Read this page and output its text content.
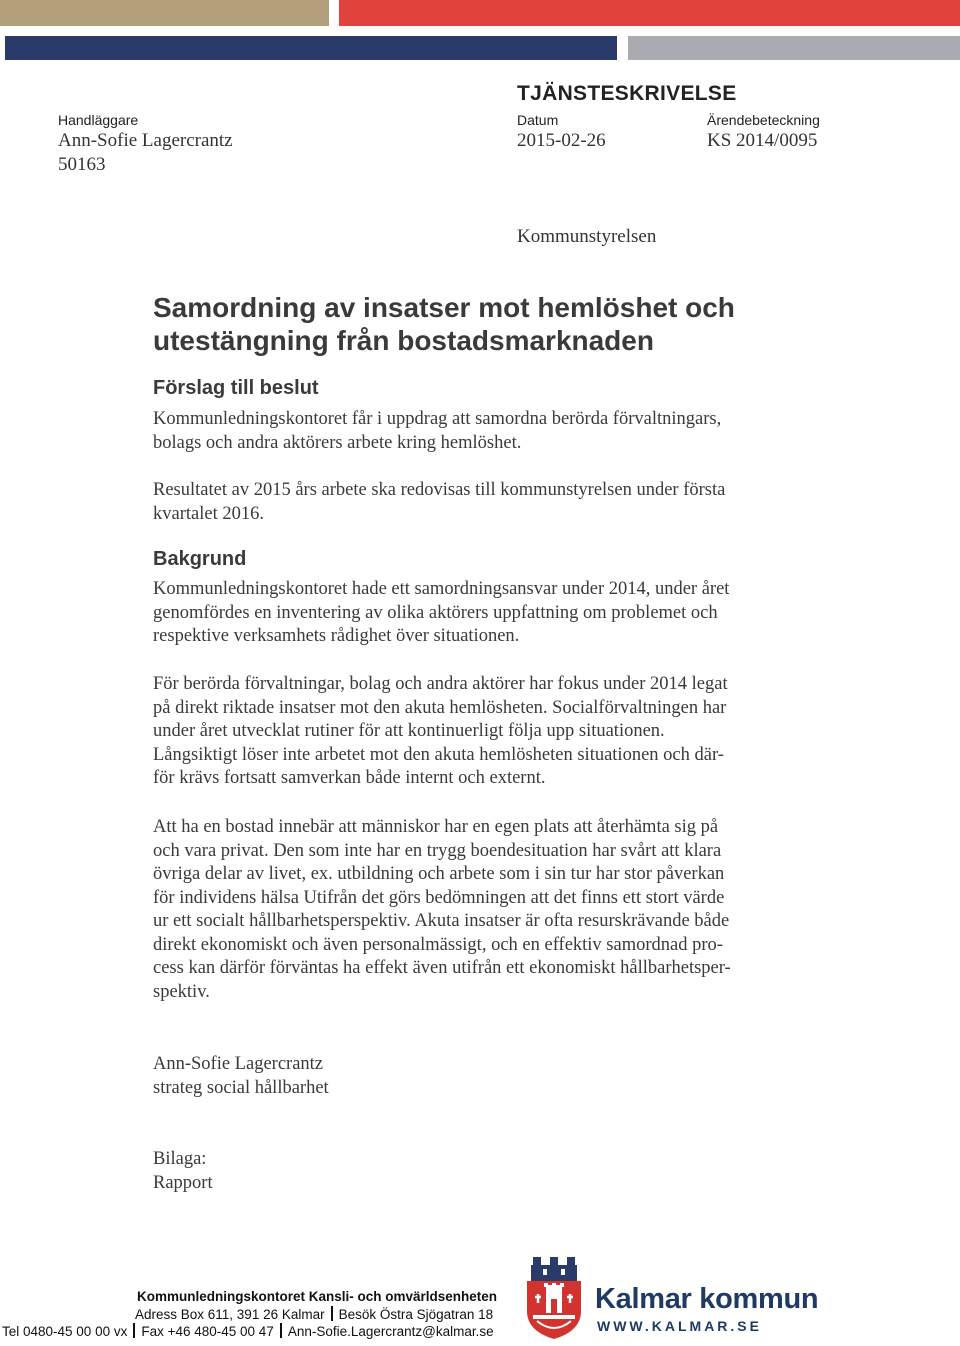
TJÄNSTESKRIVELSE
Handläggare
Ann-Sofie Lagercrantz
50163
Datum
2015-02-26
Ärendebeteckning
KS 2014/0095
Kommunstyrelsen
Samordning av insatser mot hemlöshet och
utestängning från bostadsmarknaden
Förslag till beslut

Kommunledningskontoret får i uppdrag att samordna berörda förvaltningars,

bolags och andra aktörers arbete kring hemlöshet.

Resultatet av 2015 års arbete ska redovisas till kommunstyrelsen under första

kvartalet 2016.

Bakgrund

Kommunledningskontoret hade ett samordningsansvar under 2014, under året

genomfördes en inventering av olika aktörers uppfattning om problemet och

respektive verksamhets rådighet över situationen.

För berörda förvaltningar, bolag och andra aktörer har fokus under 2014 legat

på direkt riktade insatser mot den akuta hemlösheten. Socialförvaltningen har

under året utvecklat rutiner för att kontinuerligt följa upp situationen.

Långsiktigt löser inte arbetet mot den akuta hemlösheten situationen och där-

för krävs fortsatt samverkan både internt och externt.

Att ha en bostad innebär att människor har en egen plats att återhämta sig på

och vara privat. Den som inte har en trygg boendesituation har svårt att klara

övriga delar av livet, ex. utbildning och arbete som i sin tur har stor påverkan

för individens hälsa Utifrån det görs bedömningen att det finns ett stort värde

ur ett socialt hållbarhetsperspektiv. Akuta insatser är ofta resurskrävande både

direkt ekonomiskt och även personalmässigt, och en effektiv samordnad pro-

cess kan därför förväntas ha effekt även utifrån ett ekonomiskt hållbarhetsper-

spektiv.

Ann-Sofie Lagercrantz

strateg social hållbarhet

Bilaga:

Rapport

Kommunledningskontoret Kansli- och omvärldsenheten
Adress Box 611, 391 26 Kalmar Besök Östra Sjögatran 18
Tel 0480-45 00 00 vx Fax +46 480-45 00 47 Ann-Sofie.Lagercrantz@kalmar.se
Kalmar kommun
WWW.KALMAR.SE
